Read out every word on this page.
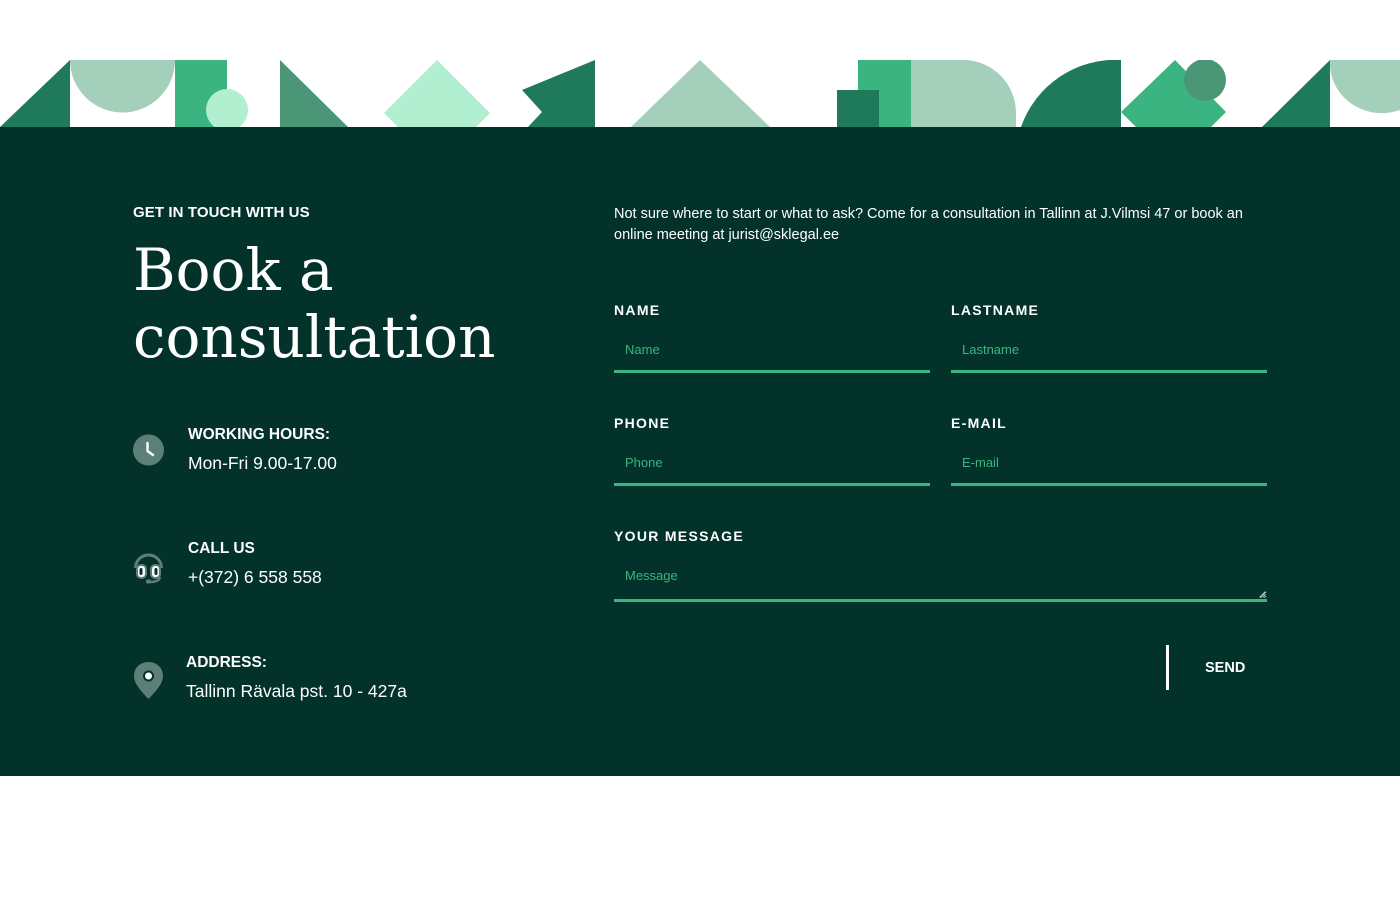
GET IN TOUCH WITH US
Book a consultation
WORKING HOURS:
Mon-Fri 9.00-17.00
CALL US
+(372) 6 558 558
ADDRESS:
Tallinn Rävala pst. 10 - 427a
Not sure where to start or what to ask? Come for a consultation in Tallinn at J.Vilmsi 47 or book an online meeting at jurist@sklegal.ee
NAME
Name	LASTNAME
Lastname
PHONE
Phone	E-MAIL
E-mail
YOUR MESSAGE
Message
SEND
